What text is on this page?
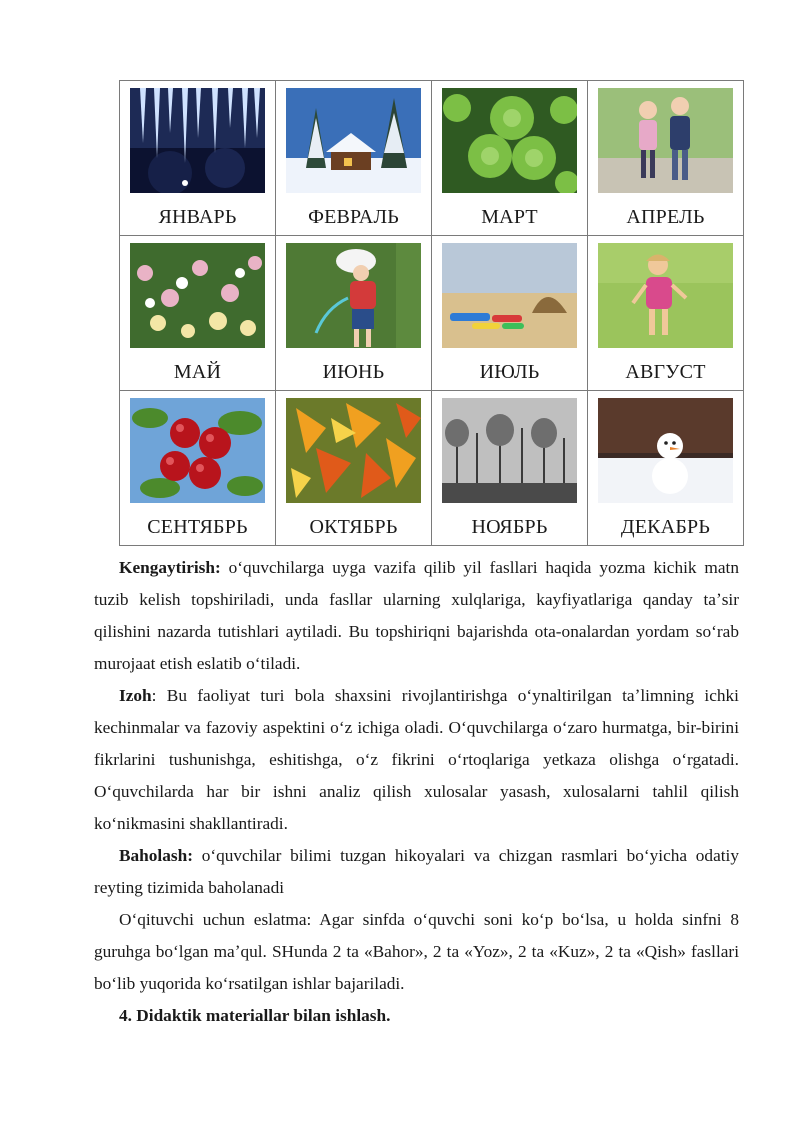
ЯНВАРЬ	ФЕВРАЛЬ	МАРТ	АПРЕЛЬ

МАЙ	ИЮНЬ	ИЮЛЬ	АВГУСТ

СЕНТЯБРЬ	ОКТЯБРЬ	НОЯБРЬ	ДЕКАБРЬ

Kengaytirish: oʻquvchilarga uyga vazifa qilib yil fasllari haqida yozma kichik matn tuzib kelish topshiriladi, unda fasllar ularning xulqlariga, kayfiyatlariga qanday taʼsir qilishini nazarda tutishlari aytiladi. Bu topshiriqni bajarishda ota-onalardan yordam soʻrab murojaat etish eslatib oʻtiladi.

Izoh: Bu faoliyat turi bola shaxsini rivojlantirishga oʻynaltirilgan taʼlimning ichki kechinmalar va fazoviy aspektini oʻz ichiga oladi. Oʻquvchilarga oʻzaro hurmatga, bir-birini fikrlarini tushunishga, eshitishga, oʻz fikrini oʻrtoqlariga yetkaza olishga oʻrgatadi. Oʻquvchilarda har bir ishni analiz qilish xulosalar yasash, xulosalarni tahlil qilish koʻnikmasini shakllantiradi.

Baholash: oʻquvchilar bilimi tuzgan hikoyalari va chizgan rasmlari boʻyicha odatiy reyting tizimida baholanadi

Oʻqituvchi uchun eslatma: Agar sinfda oʻquvchi soni koʻp boʻlsa, u holda sinfni 8 guruhga boʻlgan maʼqul. SHunda 2 ta «Bahor», 2 ta «Yoz», 2 ta «Kuz», 2 ta «Qish» fasllari boʻlib yuqorida koʻrsatilgan ishlar bajariladi.

4. Didaktik materiallar bilan ishlash.
